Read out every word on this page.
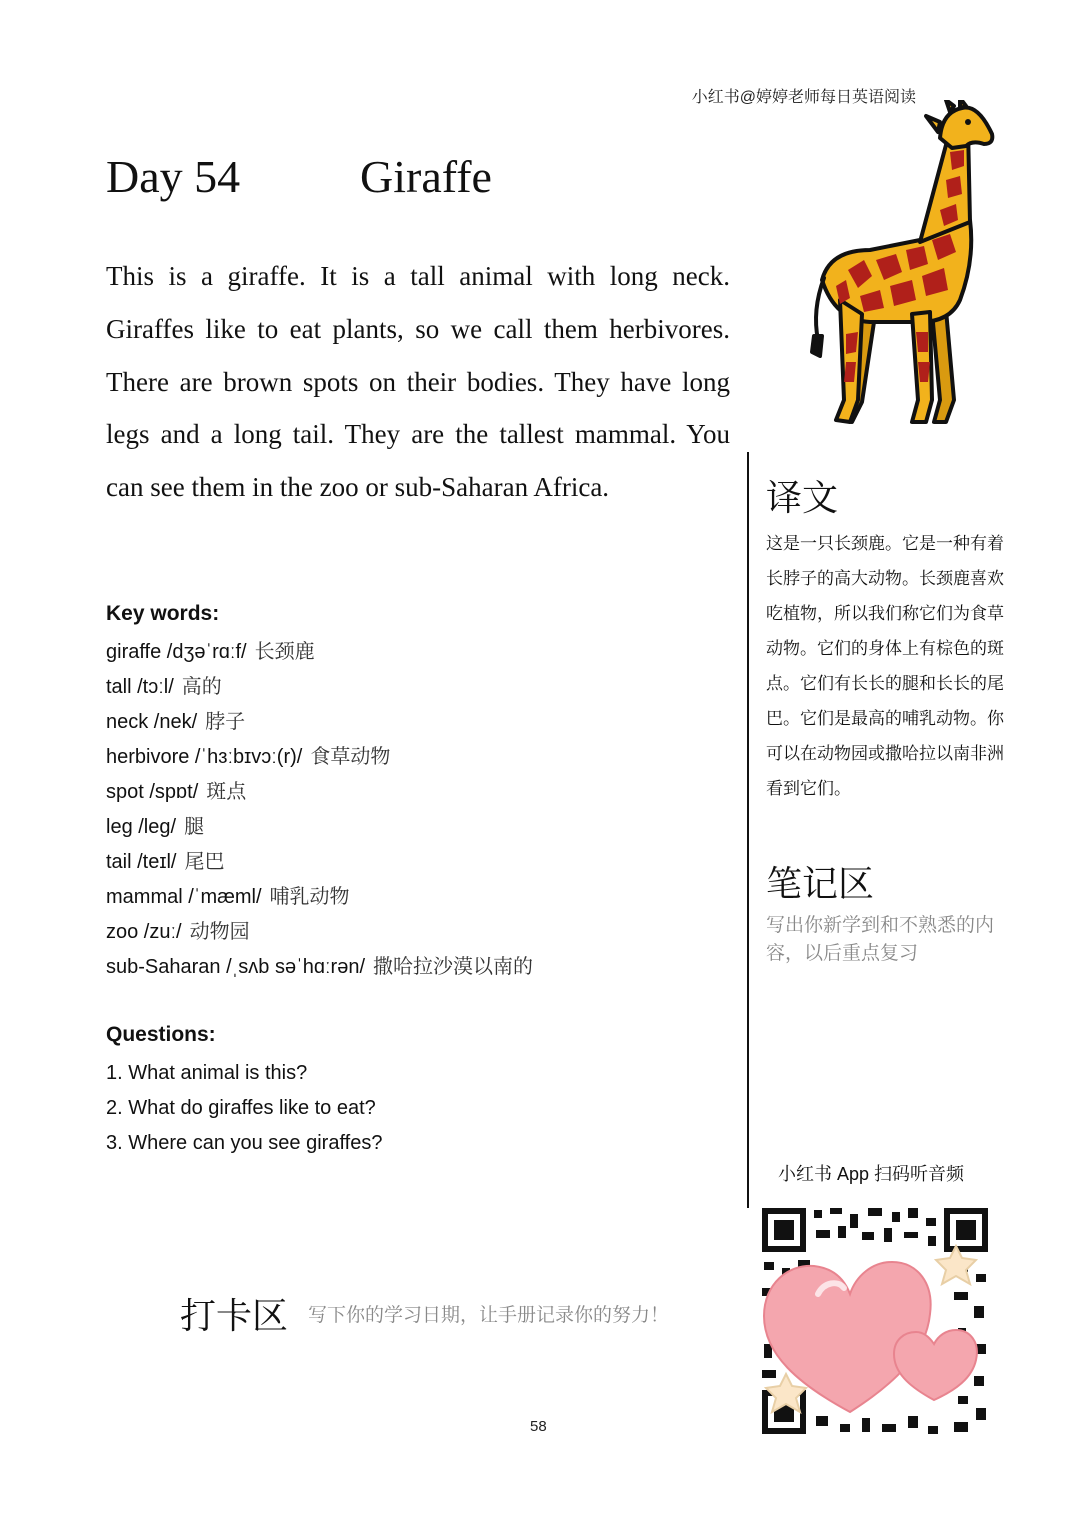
小红书@婷婷老师每日英语阅读
Day 54	Giraffe
This is a giraffe. It is a tall animal with long neck. Giraffes like to eat plants, so we call them herbivores. There are brown spots on their bodies. They have long legs and a long tail. They are the tallest mammal. You can see them in the zoo or sub-Saharan Africa.
Key words:
giraffe /dʒəˈrɑːf/ 长颈鹿
tall /tɔːl/ 高的
neck /nek/ 脖子
herbivore /ˈhɜːbɪvɔː(r)/ 食草动物
spot /spɒt/ 斑点
leg /leg/ 腿
tail /teɪl/ 尾巴
mammal /ˈmæml/ 哺乳动物
zoo /zuː/ 动物园
sub-Saharan /ˌsʌb səˈhɑːrən/ 撒哈拉沙漠以南的
Questions:
1. What animal is this?
2. What do giraffes like to eat?
3. Where can you see giraffes?
译文
这是一只长颈鹿。它是一种有着长脖子的高大动物。长颈鹿喜欢吃植物，所以我们称它们为食草动物。它们的身体上有棕色的斑点。它们有长长的腿和长长的尾巴。它们是最高的哺乳动物。你可以在动物园或撒哈拉以南非洲看到它们。
笔记区
写出你新学到和不熟悉的内容，以后重点复习
小红书 App 扫码听音频
打卡区 写下你的学习日期，让手册记录你的努力！
58
